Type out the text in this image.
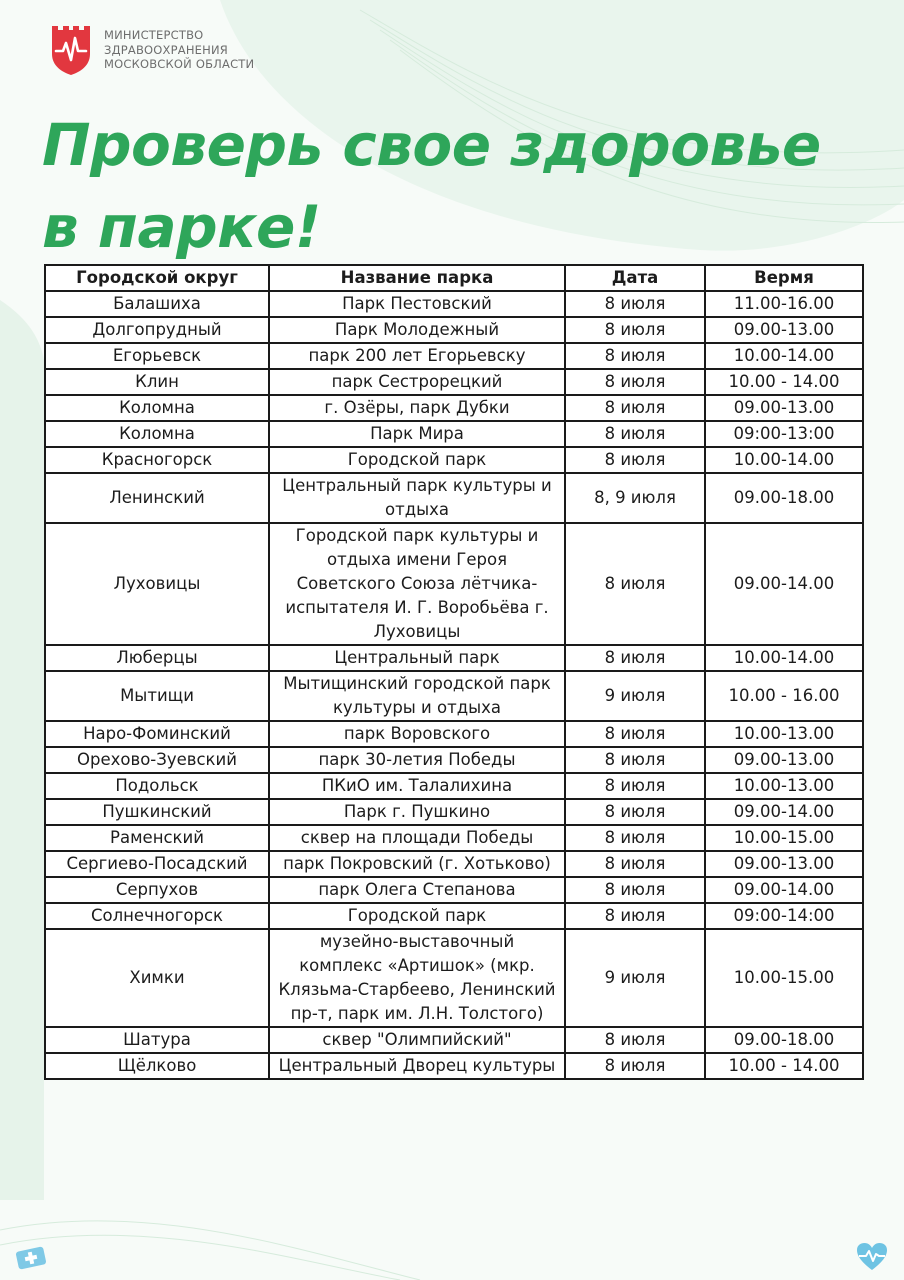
МИНИСТЕРСТВО
ЗДРАВООХРАНЕНИЯ
МОСКОВСКОЙ ОБЛАСТИ
Проверь свое здоровье
в парке!
Городской округ	Название парка	Дата	Вермя
Балашиха	Парк Пестовский	8 июля	11.00-16.00
Долгопрудный	Парк Молодежный	8 июля	09.00-13.00
Егорьевск	парк 200 лет Егорьевску	8 июля	10.00-14.00
Клин	парк Сестрорецкий	8 июля	10.00 - 14.00
Коломна	г. Озёры, парк Дубки	8 июля	09.00-13.00
Коломна	Парк Мира	8 июля	09:00-13:00
Красногорск	Городской парк	8 июля	10.00-14.00
Ленинский	Центральный парк культуры и отдыха	8, 9 июля	09.00-18.00
Луховицы	Городской парк культуры и отдыха имени Героя Советского Союза лётчика-испытателя И. Г. Воробьёва г. Луховицы	8 июля	09.00-14.00
Люберцы	Центральный парк	8 июля	10.00-14.00
Мытищи	Мытищинский городской парк культуры и отдыха	9 июля	10.00 - 16.00
Наро-Фоминский	парк Воровского	8 июля	10.00-13.00
Орехово-Зуевский	парк 30-летия Победы	8 июля	09.00-13.00
Подольск	ПКиО им. Талалихина	8 июля	10.00-13.00
Пушкинский	Парк г. Пушкино	8 июля	09.00-14.00
Раменский	сквер на площади Победы	8 июля	10.00-15.00
Сергиево-Посадский	парк Покровский (г. Хотьково)	8 июля	09.00-13.00
Серпухов	парк Олега Степанова	8 июля	09.00-14.00
Солнечногорск	Городской парк	8 июля	09:00-14:00
Химки	музейно-выставочный комплекс «Артишок» (мкр. Клязьма-Старбеево, Ленинский пр-т, парк им. Л.Н. Толстого)	9 июля	10.00-15.00
Шатура	сквер "Олимпийский"	8 июля	09.00-18.00
Щёлково	Центральный Дворец культуры	8 июля	10.00 - 14.00
